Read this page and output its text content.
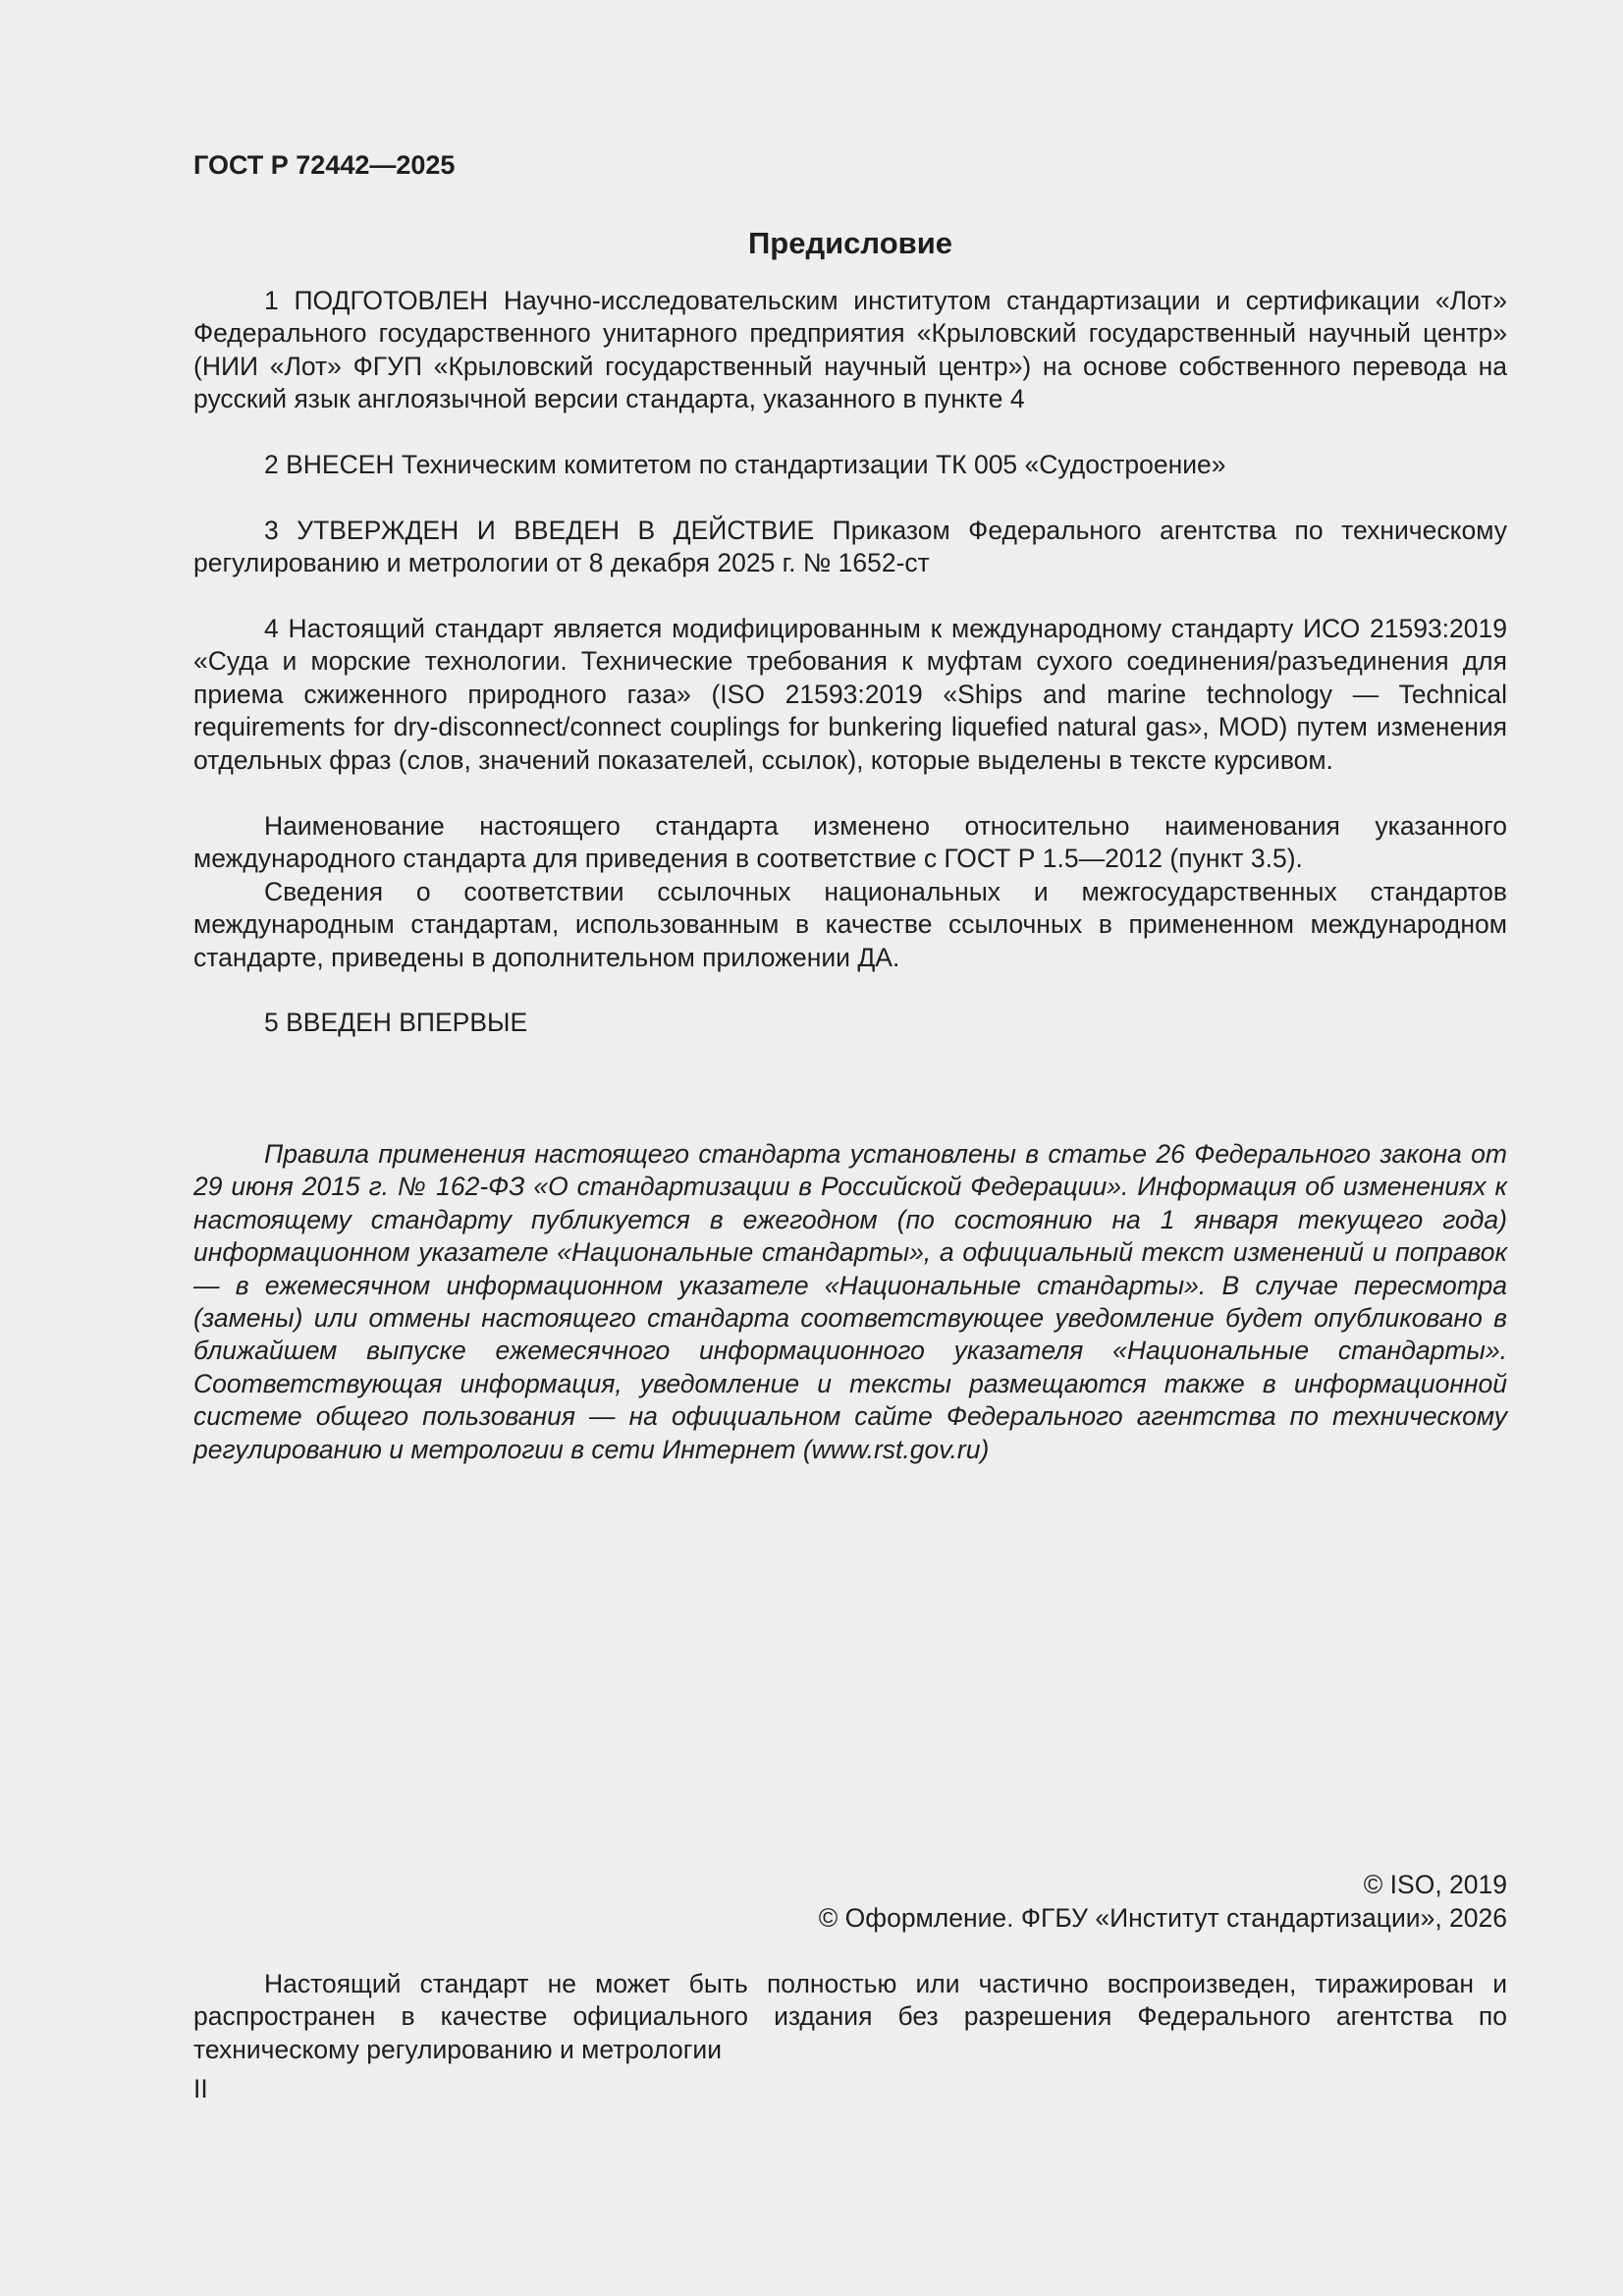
ГОСТ Р 72442—2025
Предисловие

1 ПОДГОТОВЛЕН Научно-исследовательским институтом стандартизации и сертификации «Лот» Федерального государственного унитарного предприятия «Крыловский государственный научный центр» (НИИ «Лот» ФГУП «Крыловский государственный научный центр») на основе собственного перевода на русский язык англоязычной версии стандарта, указанного в пункте 4

2 ВНЕСЕН Техническим комитетом по стандартизации ТК 005 «Судостроение»

3 УТВЕРЖДЕН И ВВЕДЕН В ДЕЙСТВИЕ Приказом Федерального агентства по техническому регулированию и метрологии от 8 декабря 2025 г. № 1652-ст

4 Настоящий стандарт является модифицированным к международному стандарту ИСО 21593:2019 «Суда и морские технологии. Технические требования к муфтам сухого соединения/разъединения для приема сжиженного природного газа» (ISO 21593:2019 «Ships and marine technology — Technical requirements for dry-disconnect/connect couplings for bunkering liquefied natural gas», MOD) путем изменения отдельных фраз (слов, значений показателей, ссылок), которые выделены в тексте курсивом.

Наименование настоящего стандарта изменено относительно наименования указанного международного стандарта для приведения в соответствие с ГОСТ Р 1.5—2012 (пункт 3.5).

Сведения о соответствии ссылочных национальных и межгосударственных стандартов международным стандартам, использованным в качестве ссылочных в примененном международном стандарте, приведены в дополнительном приложении ДА.

5 ВВЕДЕН ВПЕРВЫЕ

Правила применения настоящего стандарта установлены в статье 26 Федерального закона от 29 июня 2015 г. № 162-ФЗ «О стандартизации в Российской Федерации». Информация об изменениях к настоящему стандарту публикуется в ежегодном (по состоянию на 1 января текущего года) информационном указателе «Национальные стандарты», а официальный текст изменений и поправок — в ежемесячном информационном указателе «Национальные стандарты». В случае пересмотра (замены) или отмены настоящего стандарта соответствующее уведомление будет опубликовано в ближайшем выпуске ежемесячного информационного указателя «Национальные стандарты». Соответствующая информация, уведомление и тексты размещаются также в информационной системе общего пользования — на официальном сайте Федерального агентства по техническому регулированию и метрологии в сети Интернет (www.rst.gov.ru)

© ISO, 2019
© Оформление. ФГБУ «Институт стандартизации», 2026

Настоящий стандарт не может быть полностью или частично воспроизведен, тиражирован и распространен в качестве официального издания без разрешения Федерального агентства по техническому регулированию и метрологии

II
